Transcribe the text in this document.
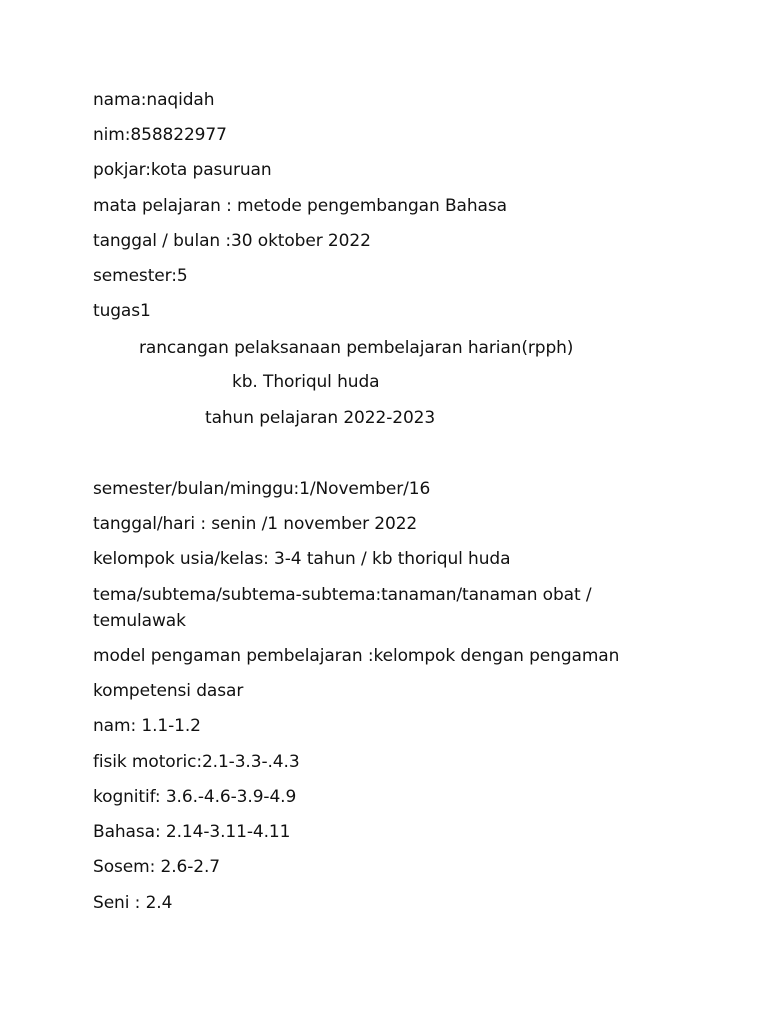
nama:naqidah
nim:858822977
pokjar:kota pasuruan
mata pelajaran : metode pengembangan Bahasa
tanggal / bulan :30 oktober 2022
semester:5
tugas1
rancangan pelaksanaan pembelajaran harian(rpph)
kb. Thoriqul huda
tahun pelajaran 2022-2023
semester/bulan/minggu:1/November/16
tanggal/hari : senin /1 november 2022
kelompok usia/kelas: 3-4 tahun / kb thoriqul huda
tema/subtema/subtema-subtema:tanaman/tanaman obat / temulawak
model pengaman pembelajaran :kelompok dengan pengaman
kompetensi dasar
nam: 1.1-1.2
fisik motoric:2.1-3.3-.4.3
kognitif: 3.6.-4.6-3.9-4.9
Bahasa: 2.14-3.11-4.11
Sosem: 2.6-2.7
Seni : 2.4
